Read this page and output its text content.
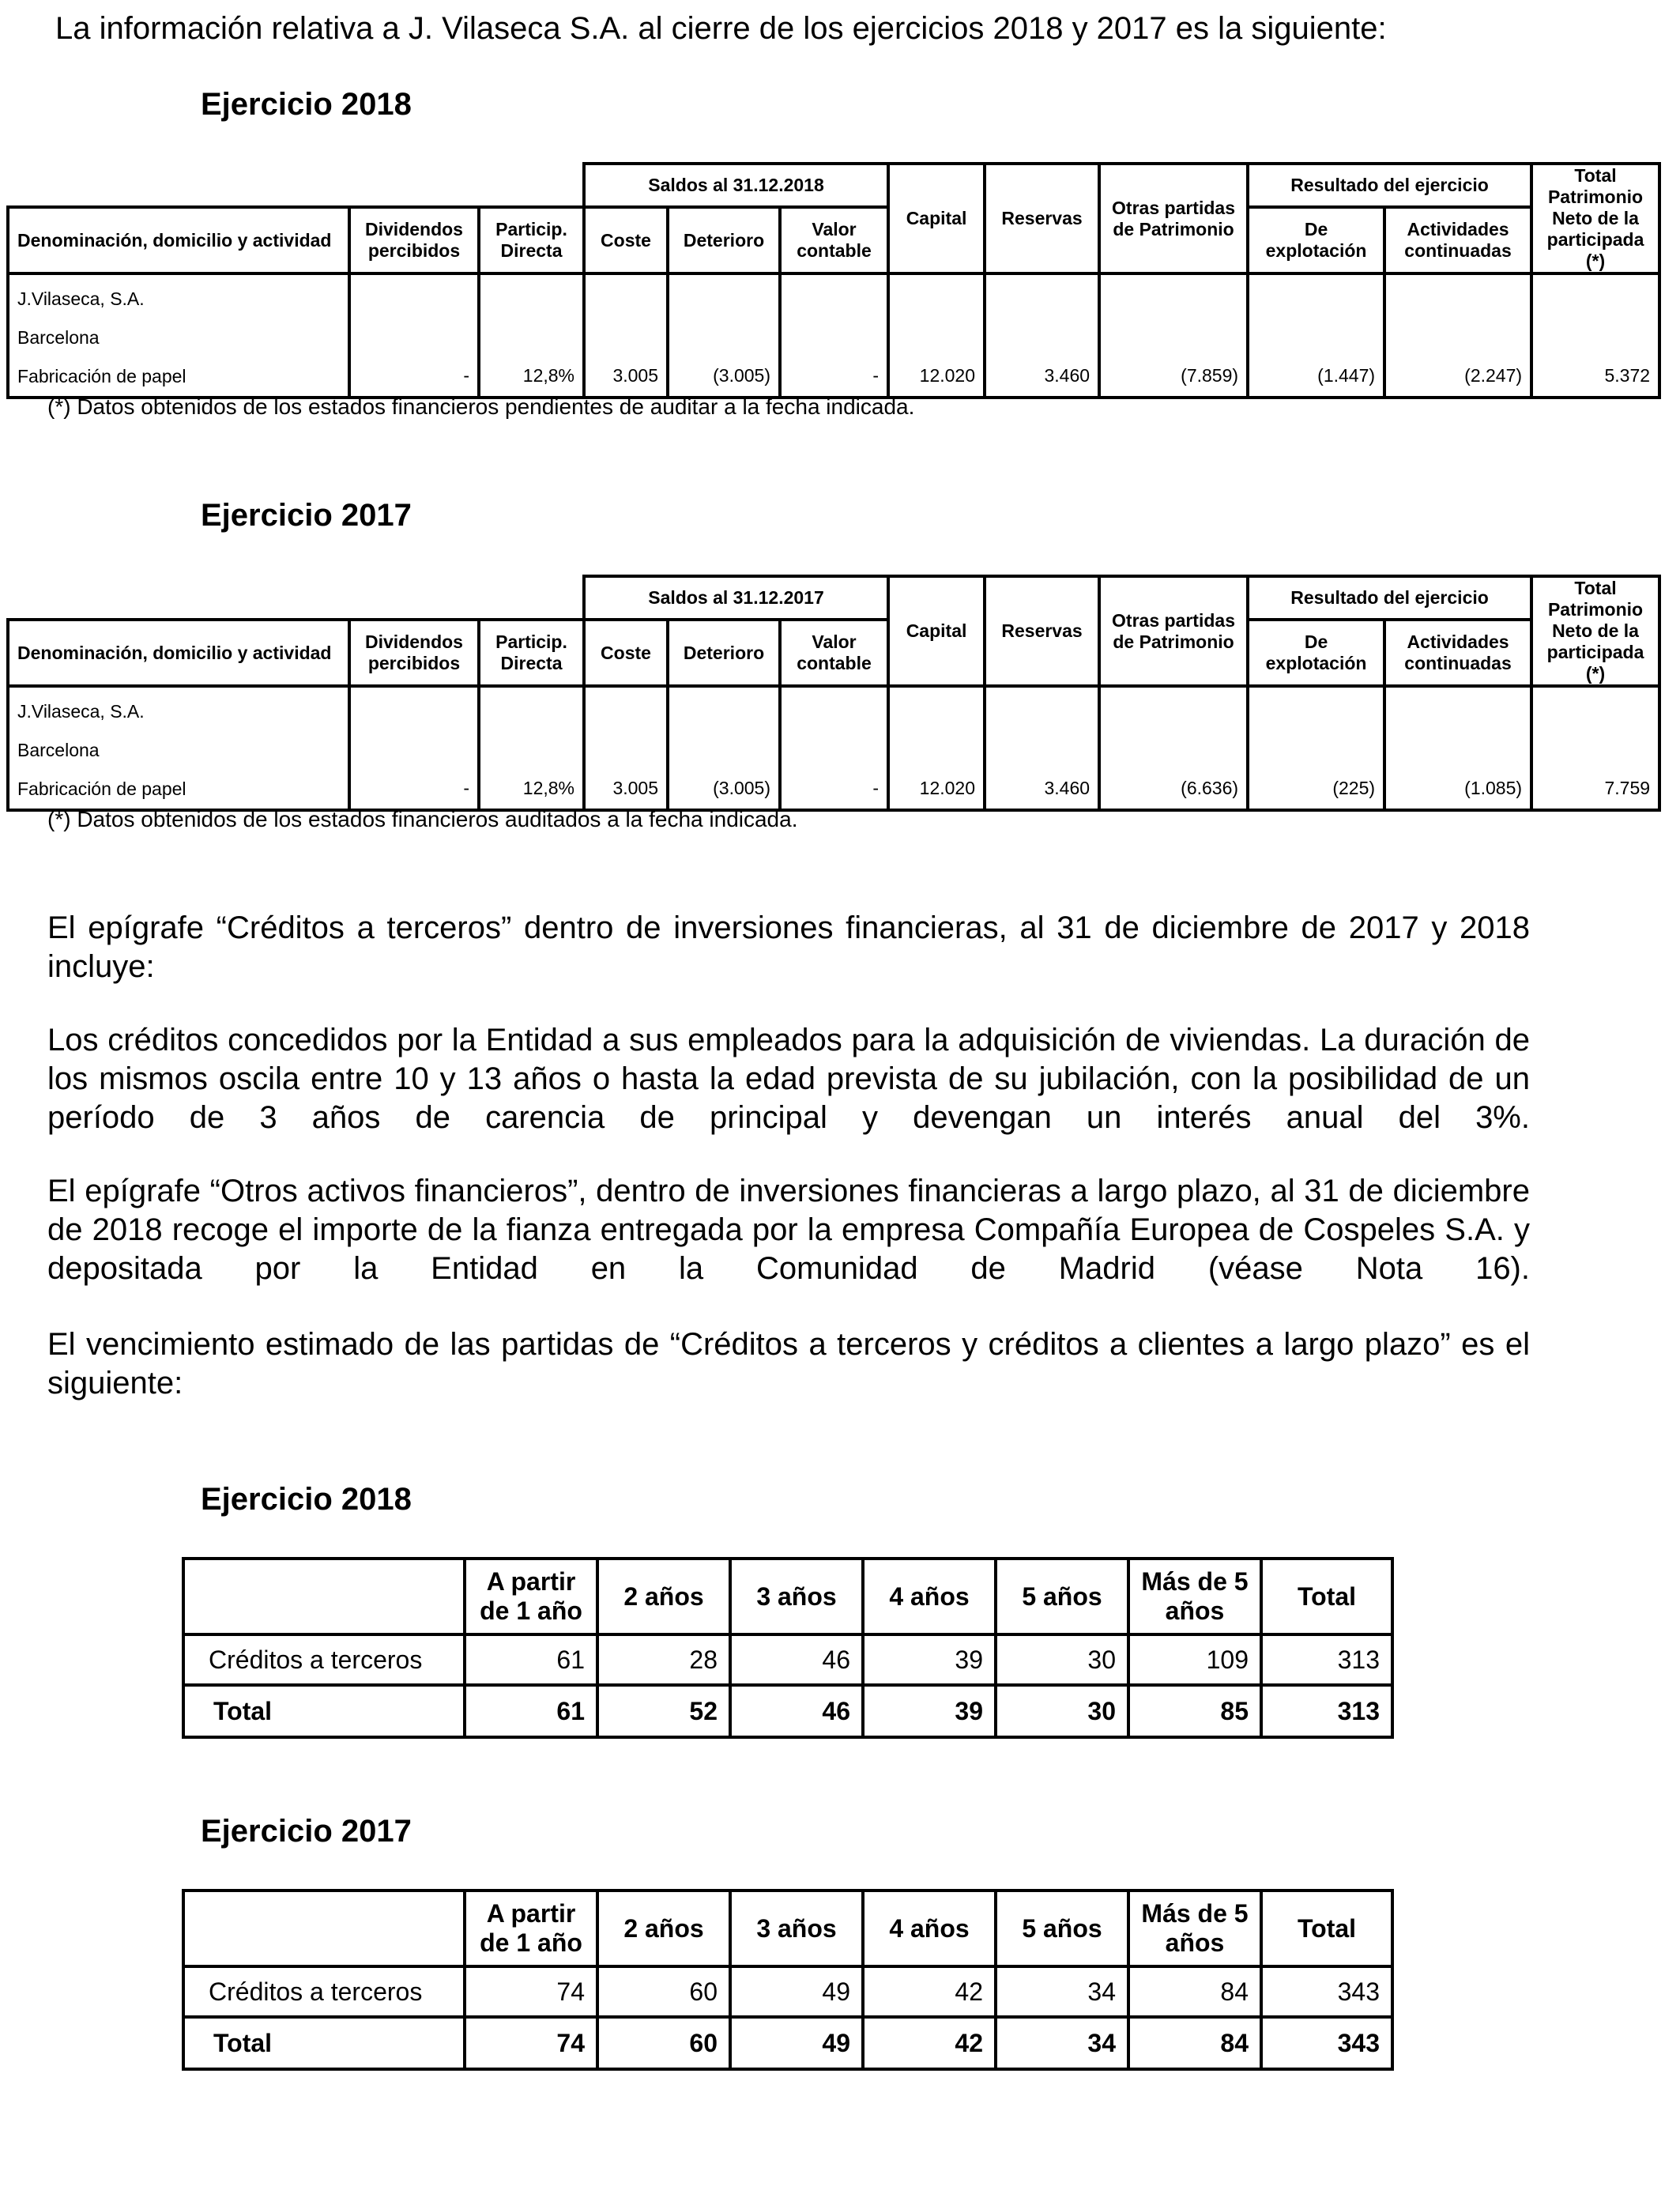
La información relativa a J. Vilaseca S.A. al cierre de los ejercicios 2018 y 2017 es la siguiente:
Ejercicio 2018
			Saldos al 31.12.2018			Capital	Reservas	Otras partidas de Patrimonio	Resultado del ejercicio		Total Patrimonio Neto de la participada (*)
Denominación, domicilio y actividad	Dividendos percibidos	Particip. Directa	Coste	Deterioro	Valor contable				De explotación	Actividades continuadas	

J.Vilaseca, S.A.
Barcelona
Fabricación de papel	-	12,8%	3.005	(3.005)	-	12.020	3.460	(7.859)	(1.447)	(2.247)	5.372
(*) Datos obtenidos de los estados financieros pendientes de auditar a la fecha indicada.
Ejercicio 2017
			Saldos al 31.12.2017			Capital	Reservas	Otras partidas de Patrimonio	Resultado del ejercicio		Total Patrimonio Neto de la participada (*)
Denominación, domicilio y actividad	Dividendos percibidos	Particip. Directa	Coste	Deterioro	Valor contable				De explotación	Actividades continuadas	

J.Vilaseca, S.A.
Barcelona
Fabricación de papel	-	12,8%	3.005	(3.005)	-	12.020	3.460	(6.636)	(225)	(1.085)	7.759
(*) Datos obtenidos de los estados financieros auditados a la fecha indicada.
El epígrafe “Créditos a terceros” dentro de inversiones financieras, al 31 de diciembre de 2017 y 2018 incluye:
Los créditos concedidos por la Entidad a sus empleados para la adquisición de viviendas. La duración de los mismos oscila entre 10 y 13 años o hasta la edad prevista de su jubilación, con la posibilidad de un período de 3 años de carencia de principal y devengan un interés anual del 3%.
El epígrafe “Otros activos financieros”, dentro de inversiones financieras a largo plazo, al 31 de diciembre de 2018 recoge el importe de la fianza entregada por la empresa Compañía Europea de Cospeles S.A. y depositada por la Entidad en la Comunidad de Madrid (véase Nota 16).
El vencimiento estimado de las partidas de “Créditos a terceros y créditos a clientes a largo plazo” es el siguiente:
Ejercicio 2018
	A partir de 1 año	2 años	3 años	4 años	5 años	Más de 5 años	Total
Créditos a terceros	61	28	46	39	30	109	313
Total	61	52	46	39	30	85	313
Ejercicio 2017
	A partir de 1 año	2 años	3 años	4 años	5 años	Más de 5 años	Total
Créditos a terceros	74	60	49	42	34	84	343
Total	74	60	49	42	34	84	343
